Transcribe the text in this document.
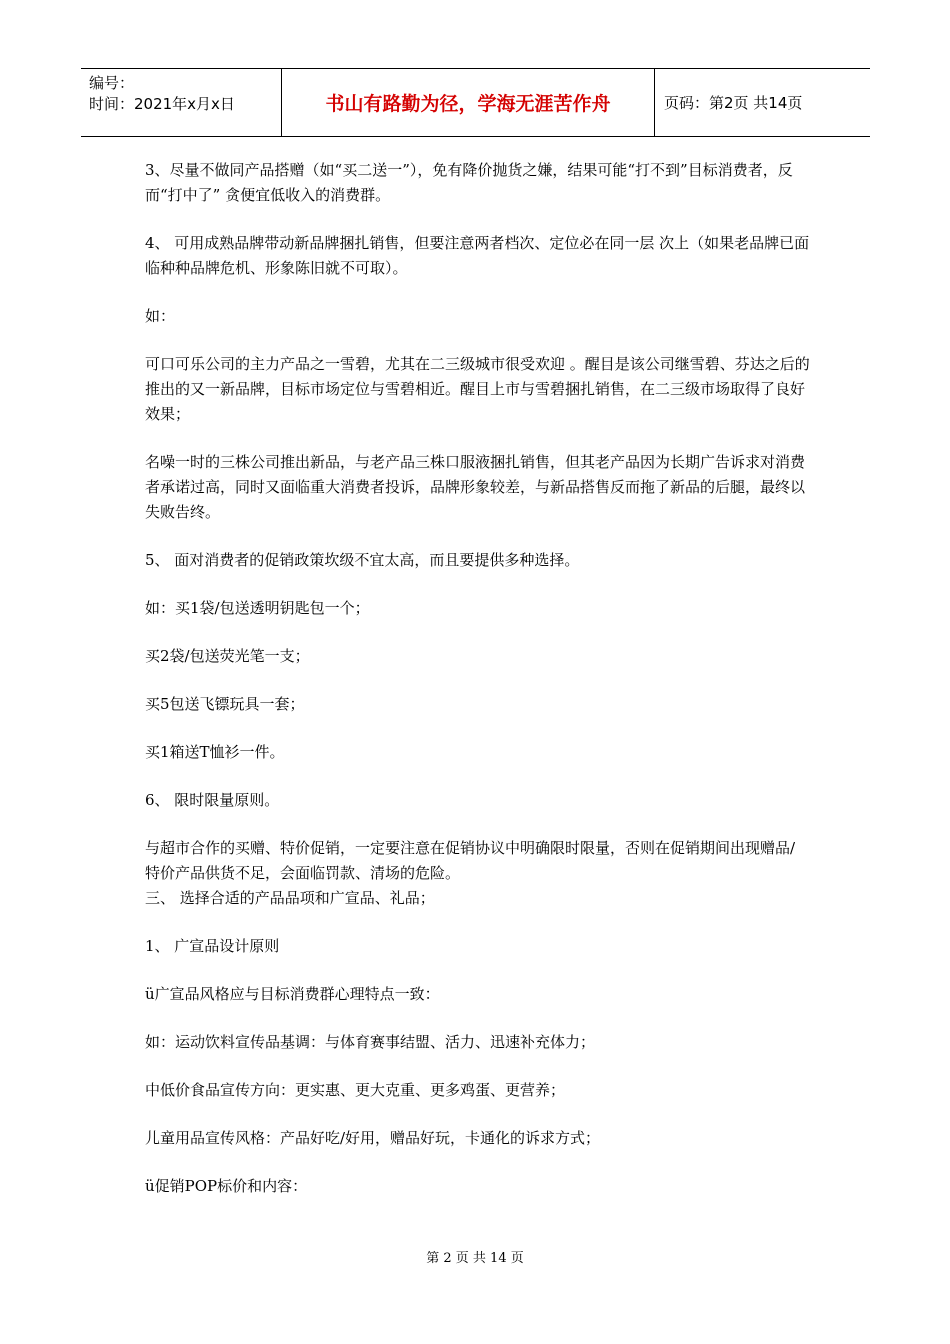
编号：
时间：2021年x月x日	书山有路勤为径，学海无涯苦作舟	页码：第2页 共14页

3、尽量不做同产品搭赠（如“买二送一”），免有降价抛货之嫌，结果可能“打不到”目标消费者，反而“打中了” 贪便宜低收入的消费群。

4、 可用成熟品牌带动新品牌捆扎销售，但要注意两者档次、定位必在同一层 次上（如果老品牌已面临种种品牌危机、形象陈旧就不可取）。

如：

可口可乐公司的主力产品之一雪碧，尤其在二三级城市很受欢迎 。醒目是该公司继雪碧、芬达之后的推出的又一新品牌，目标市场定位与雪碧相近。醒目上市与雪碧捆扎销售，在二三级市场取得了良好效果；

名噪一时的三株公司推出新品，与老产品三株口服液捆扎销售，但其老产品因为长期广告诉求对消费者承诺过高，同时又面临重大消费者投诉，品牌形象较差，与新品搭售反而拖了新品的后腿，最终以失败告终。

5、 面对消费者的促销政策坎级不宜太高，而且要提供多种选择。

如：买1袋/包送透明钥匙包一个；

买2袋/包送荧光笔一支；

买5包送飞镖玩具一套；

买1箱送T恤衫一件。

6、 限时限量原则。

与超市合作的买赠、特价促销，一定要注意在促销协议中明确限时限量，否则在促销期间出现赠品/特价产品供货不足，会面临罚款、清场的危险。

三、 选择合适的产品品项和广宣品、礼品；

1、 广宣品设计原则

ü广宣品风格应与目标消费群心理特点一致：

如：运动饮料宣传品基调：与体育赛事结盟、活力、迅速补充体力；

中低价食品宣传方向：更实惠、更大克重、更多鸡蛋、更营养；

儿童用品宣传风格：产品好吃/好用，赠品好玩，卡通化的诉求方式；

ü促销POP标价和内容：

第 2 页 共 14 页
